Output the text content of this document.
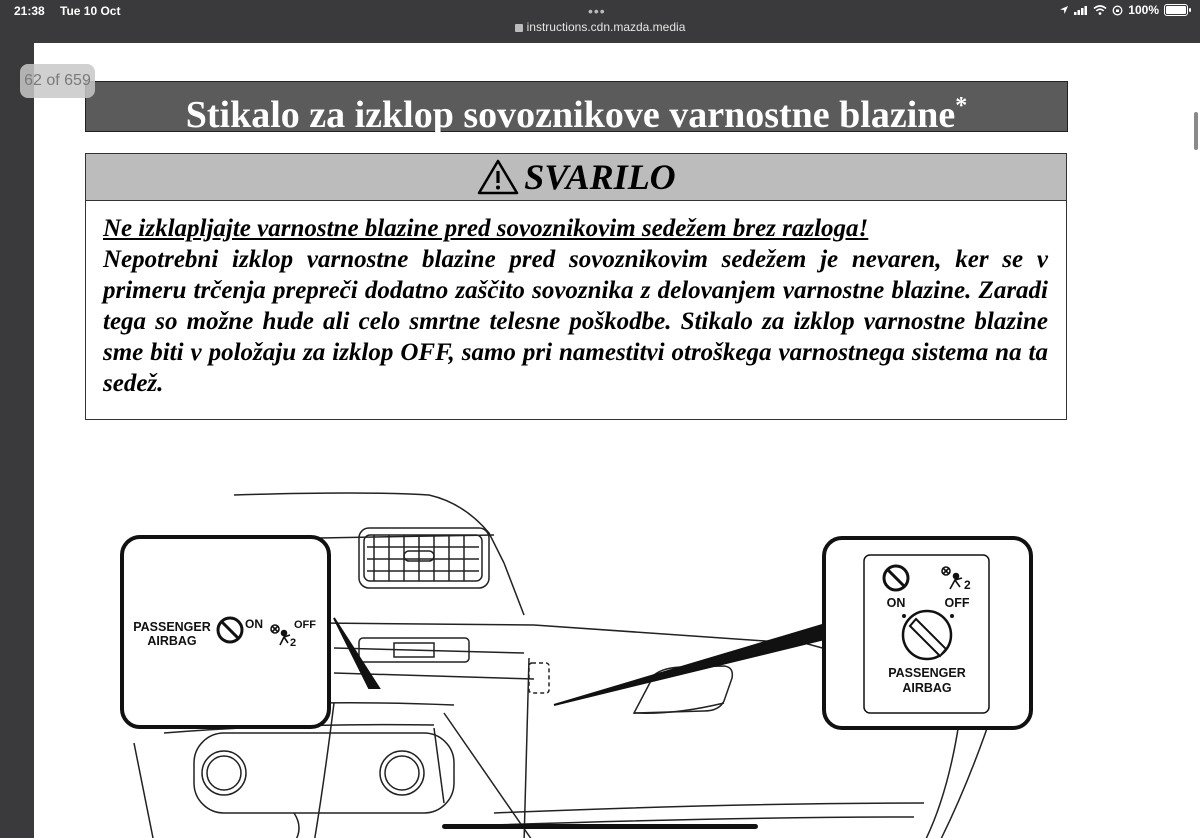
21:38 Tue 10 Oct	•••	100%
instructions.cdn.mazda.media
62 of 659
Stikalo za izklop sovoznikove varnostne blazine*
SVARILO
Ne izklapljajte varnostne blazine pred sovoznikovim sedežem brez razloga!
Nepotrebni izklop varnostne blazine pred sovoznikovim sedežem je nevaren, ker se v primeru trčenja prepreči dodatno zaščito sovoznika z delovanjem varnostne blazine. Zaradi tega so možne hude ali celo smrtne telesne poškodbe. Stikalo za izklop varnostne blazine sme biti v položaju za izklop OFF, samo pri namestitvi otroškega varnostnega sistema na ta sedež.
PASSENGER
AIRBAG
ON	OFF
2
ON
2
OFF
PASSENGER
AIRBAG
